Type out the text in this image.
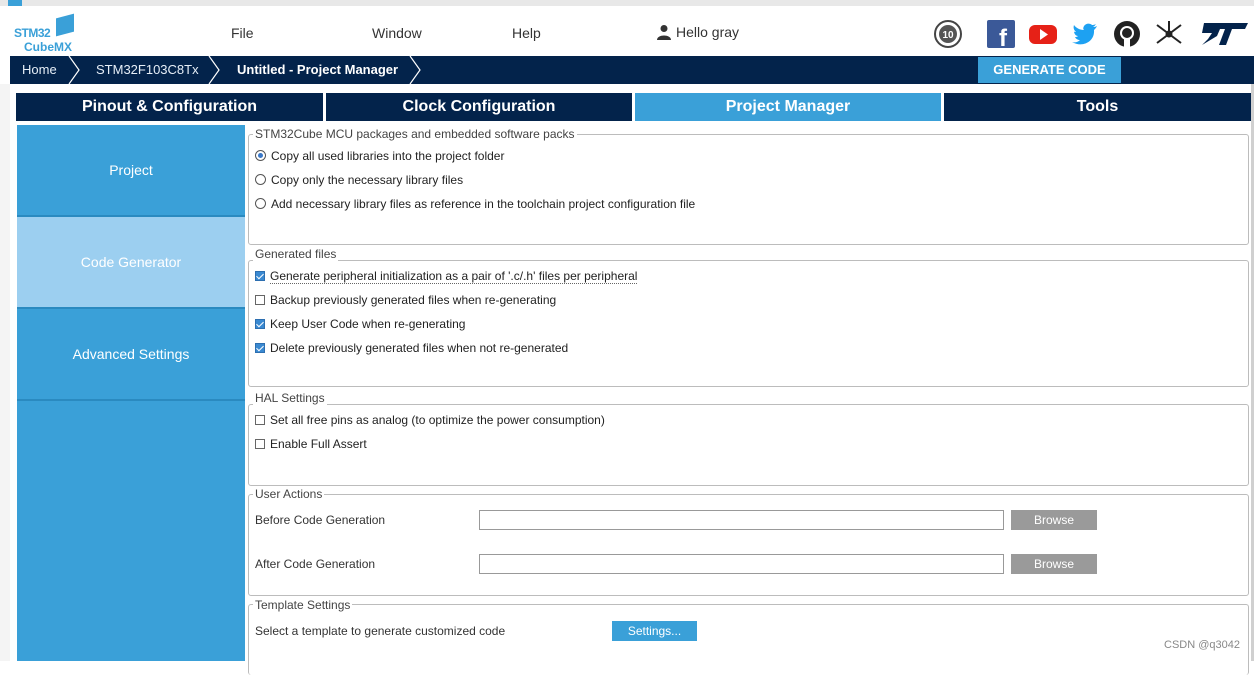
STM32
CubeMX
File	Window	Help	Hello gray	10 f
Home	STM32F103C8Tx	Untitled - Project Manager	GENERATE CODE
Pinout & Configuration	Clock Configuration	Project Manager	Tools
Project
Code Generator
Advanced Settings
STM32Cube MCU packages and embedded software packs
Copy all used libraries into the project folder
Copy only the necessary library files
Add necessary library files as reference in the toolchain project configuration file
Generated files
Generate peripheral initialization as a pair of '.c/.h' files per peripheral
Backup previously generated files when re-generating
Keep User Code when re-generating
Delete previously generated files when not re-generated
HAL Settings
Set all free pins as analog (to optimize the power consumption)
Enable Full Assert
User Actions
Before Code Generation	Browse
After Code Generation	Browse
Template Settings
Select a template to generate customized code	Settings...
CSDN @q3042
